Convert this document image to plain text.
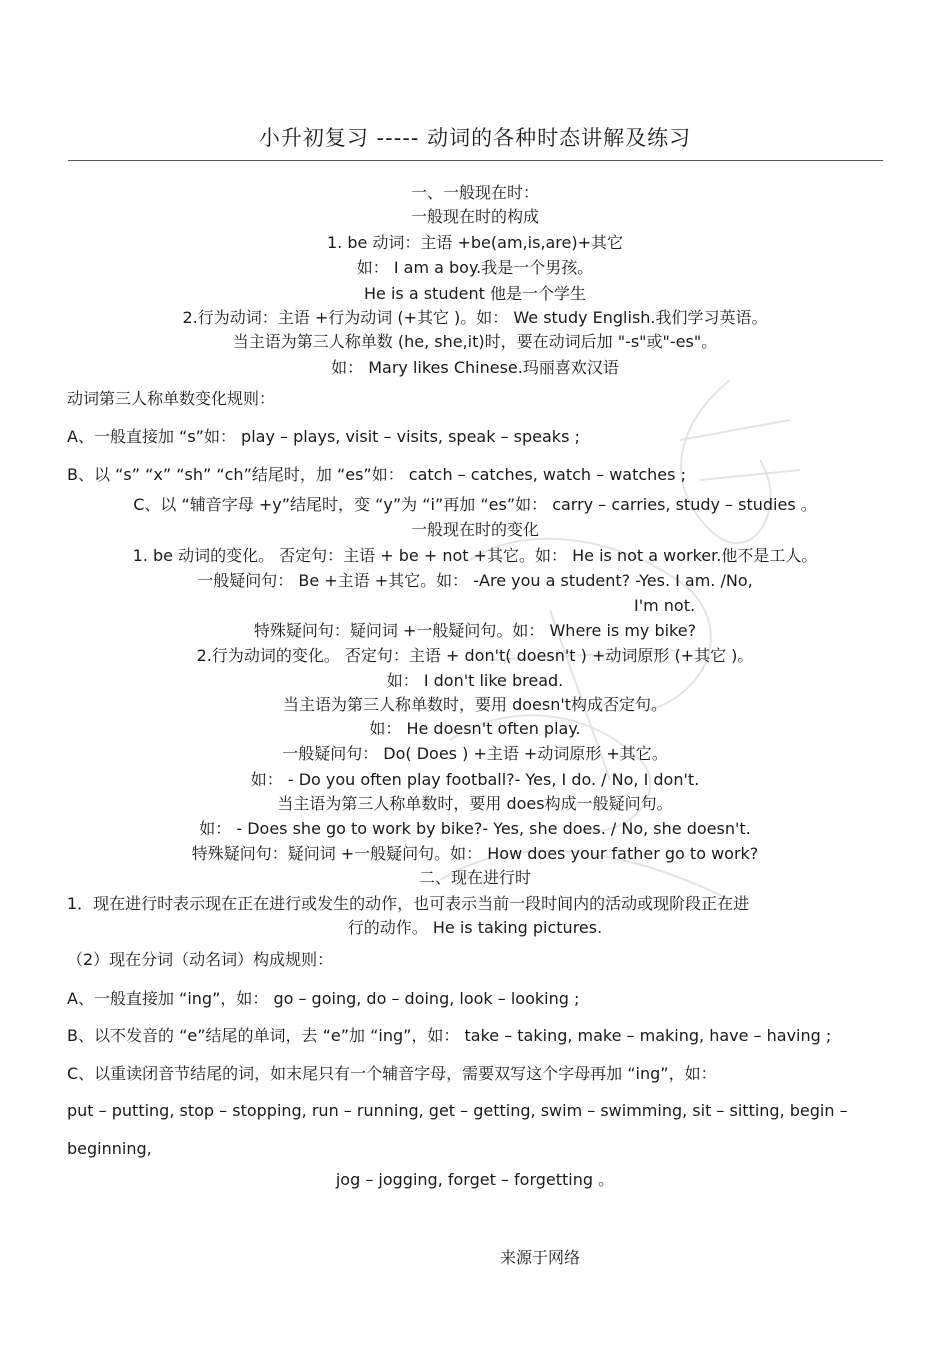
小升初复习 ----- 动词的各种时态讲解及练习
一、一般现在时：
一般现在时的构成
1. be 动词：主语 +be(am,is,are)+其它
如： I am a boy.我是一个男孩。
He is a student 他是一个学生
2.行为动词：主语 +行为动词 (+其它 )。如： We study English.我们学习英语。
当主语为第三人称单数 (he, she,it)时，要在动词后加 "-s"或"-es"。
如： Mary likes Chinese.玛丽喜欢汉语
动词第三人称单数变化规则：
A、一般直接加 “s”如： play – plays, visit – visits, speak – speaks ;
B、以 “s” “x” “sh” “ch”结尾时，加 “es”如： catch – catches, watch – watches ;
C、以 “辅音字母 +y”结尾时，变 “y”为 “i”再加 “es”如： carry – carries, study – studies 。
一般现在时的变化
1. be 动词的变化。 否定句：主语 + be + not +其它。如： He is not a worker.他不是工人。
一般疑问句： Be +主语 +其它。如： -Are you a student? -Yes. I am. /No,
I'm not.
特殊疑问句：疑问词 +一般疑问句。如： Where is my bike?
2.行为动词的变化。 否定句：主语 + don't( doesn't ) +动词原形 (+其它 )。
如： I don't like bread.
当主语为第三人称单数时，要用 doesn't构成否定句。
如： He doesn't often play.
一般疑问句： Do( Does ) +主语 +动词原形 +其它。
如： - Do you often play football?- Yes, I do. / No, I don't.
当主语为第三人称单数时，要用 does构成一般疑问句。
如： - Does she go to work by bike?- Yes, she does. / No, she doesn't.
特殊疑问句：疑问词 +一般疑问句。如： How does your father go to work?
二、现在进行时
1．现在进行时表示现在正在进行或发生的动作，也可表示当前一段时间内的活动或现阶段正在进
行的动作。 He is taking pictures.
（2）现在分词（动名词）构成规则：
A、一般直接加 “ing”，如： go – going, do – doing, look – looking ;
B、以不发音的 “e”结尾的单词，去 “e”加 “ing”，如： take – taking, make – making, have – having ;
C、以重读闭音节结尾的词，如末尾只有一个辅音字母，需要双写这个字母再加 “ing”，如：
put – putting, stop – stopping, run – running, get – getting, swim – swimming, sit – sitting, begin –
beginning,
jog – jogging, forget – forgetting 。
来源于网络
